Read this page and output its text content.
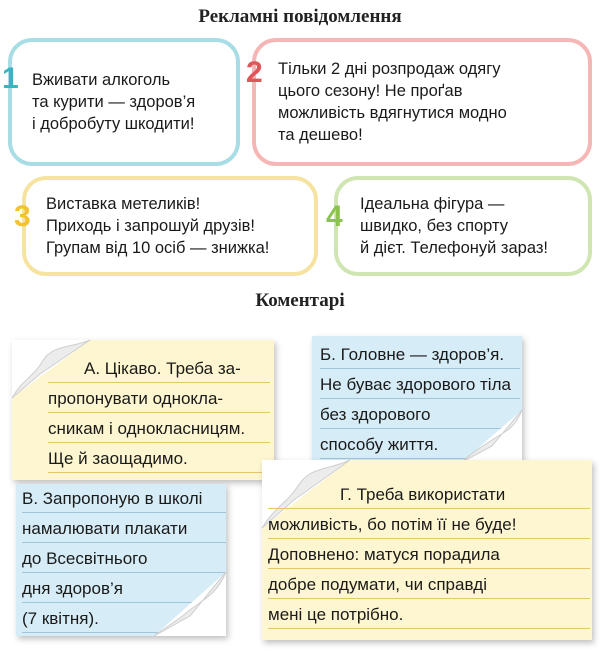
Рекламні повідомлення
1 Вживати алкоголь
та курити — здоров’я
і добробуту шкодити!
2 Тільки 2 дні розпродаж одягу
цього сезону! Не проґав
можливість вдягнутися модно
та дешево!
3 Виставка метеликів!
Приходь і запрошуй друзів!
Групам від 10 осіб — знижка!
4 Ідеальна фігура —
швидко, без спорту
й дієт. Телефонуй зараз!
Коментарі
А. Цікаво. Треба за-
пропонувати однокла-
сникам і однокласницям.
Ще й заощадимо.
Б. Головне — здоров’я.
Не буває здорового тіла
без здорового
способу життя.
В. Запропоную в школі
намалювати плакати
до Всесвітнього
дня здоров’я
(7 квітня).
Г. Треба використати
можливість, бо потім її не буде!
Доповнено: матуся порадила
добре подумати, чи справді
мені це потрібно.
